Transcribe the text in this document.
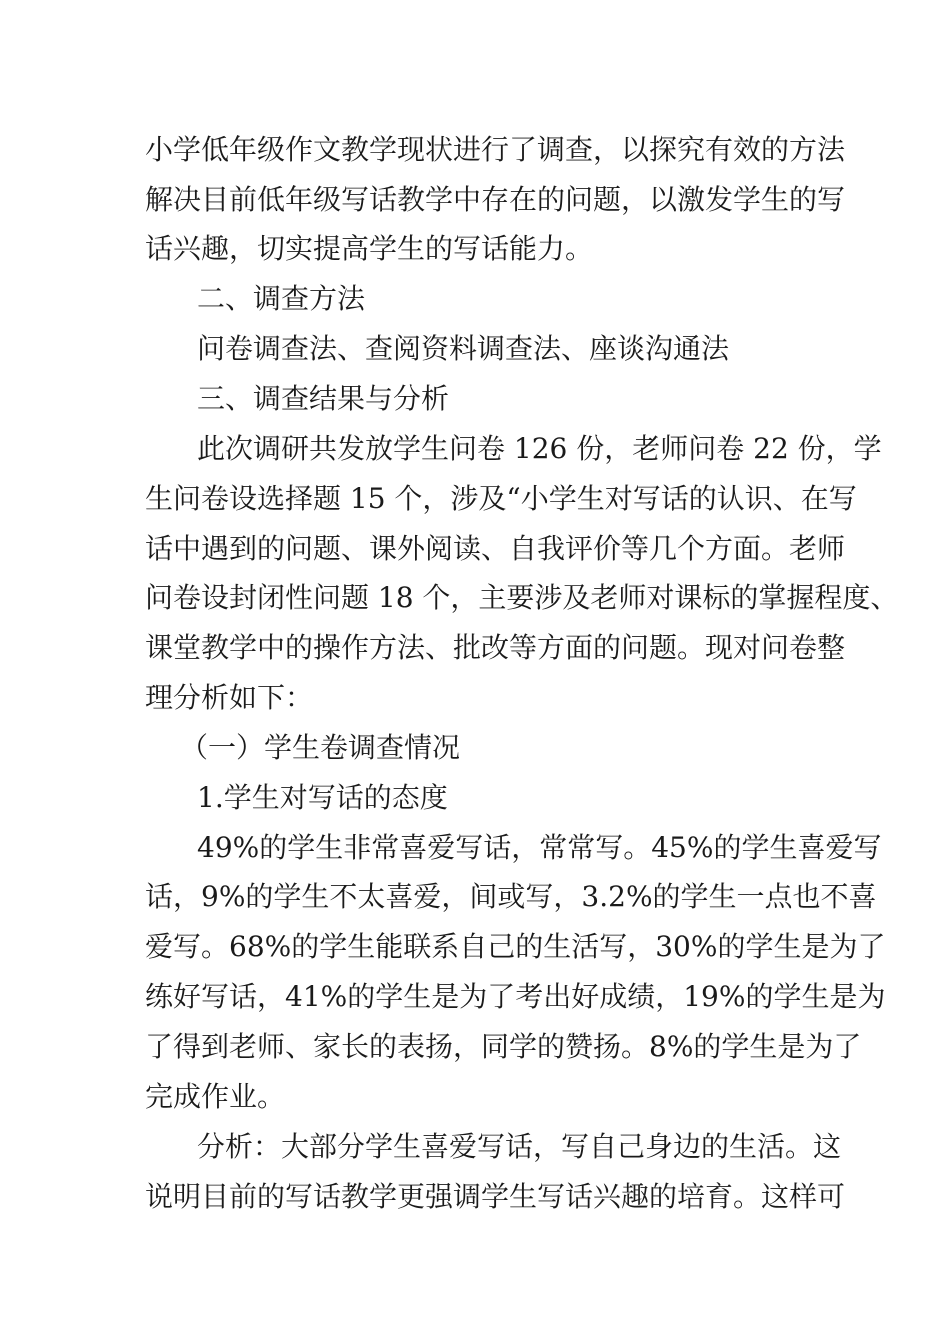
小学低年级作文教学现状进行了调查，以探究有效的方法

解决目前低年级写话教学中存在的问题，以激发学生的写

话兴趣，切实提高学生的写话能力。

二、调查方法

问卷调查法、查阅资料调查法、座谈沟通法

三、调查结果与分析

此次调研共发放学生问卷 126 份，老师问卷 22 份，学

生问卷设选择题 15 个，涉及“小学生对写话的认识、在写

话中遇到的问题、课外阅读、自我评价等几个方面。老师

问卷设封闭性问题 18 个，主要涉及老师对课标的掌握程度、

课堂教学中的操作方法、批改等方面的问题。现对问卷整

理分析如下：

（一）学生卷调查情况

1.学生对写话的态度

49%的学生非常喜爱写话，常常写。45%的学生喜爱写

话，9%的学生不太喜爱，间或写，3.2%的学生一点也不喜

爱写。68%的学生能联系自己的生活写，30%的学生是为了

练好写话，41%的学生是为了考出好成绩，19%的学生是为

了得到老师、家长的表扬，同学的赞扬。8%的学生是为了

完成作业。

分析：大部分学生喜爱写话，写自己身边的生活。这

说明目前的写话教学更强调学生写话兴趣的培育。这样可
